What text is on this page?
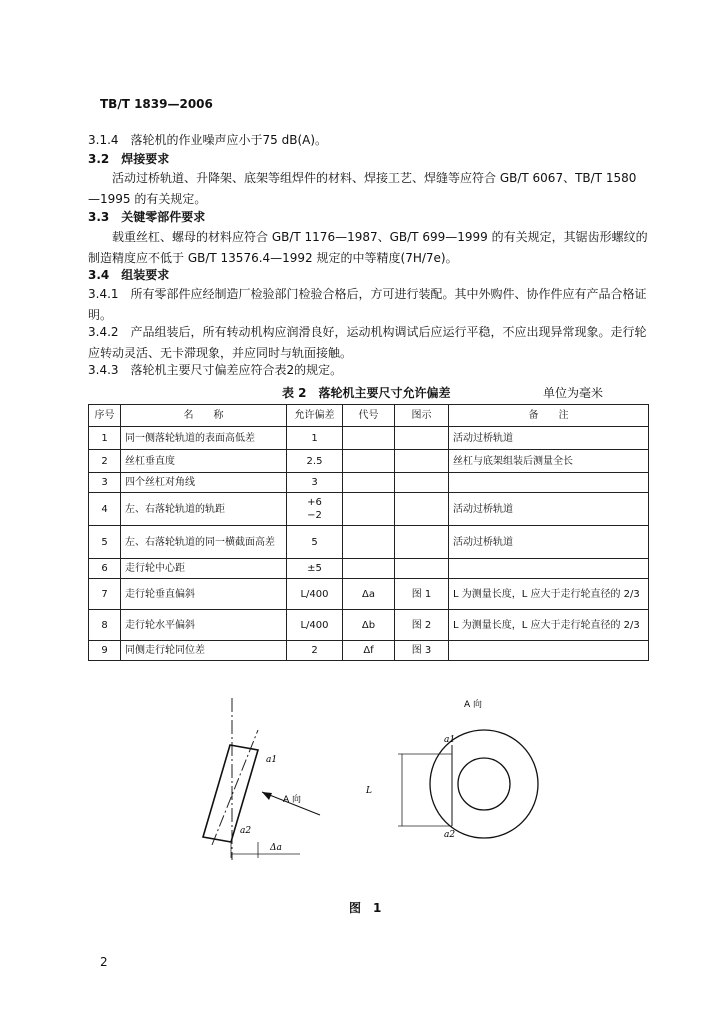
TB/T 1839—2006
3.1.4　落轮机的作业噪声应小于75 dB(A)。
3.2　焊接要求
　　活动过桥轨道、升降架、底架等组焊件的材料、焊接工艺、焊缝等应符合 GB/T 6067、TB/T 1580—1995 的有关规定。
3.3　关键零部件要求
　　载重丝杠、螺母的材料应符合 GB/T 1176—1987、GB/T 699—1999 的有关规定，其锯齿形螺纹的制造精度应不低于 GB/T 13576.4—1992 规定的中等精度(7H/7e)。
3.4　组装要求
3.4.1　所有零部件应经制造厂检验部门检验合格后，方可进行装配。其中外购件、协作件应有产品合格证明。
3.4.2　产品组装后，所有转动机构应润滑良好，运动机构调试后应运行平稳，不应出现异常现象。走行轮应转动灵活、无卡滞现象，并应同时与轨面接触。
3.4.3　落轮机主要尺寸偏差应符合表2的规定。
表 2　落轮机主要尺寸允许偏差	单位为毫米
序号	名　　称	允许偏差	代号	图示	备　　注
1	同一侧落轮轨道的表面高低差	1			活动过桥轨道
2	丝杠垂直度	2.5			丝杠与底架组装后测量全长
3	四个丝杠对角线	3			
4	左、右落轮轨道的轨距	+6
−2			活动过桥轨道
5	左、右落轮轨道的同一横截面高差	5			活动过桥轨道
6	走行轮中心距	±5			
7	走行轮垂直偏斜	L/400	Δa	图 1	L 为测量长度，L 应大于走行轮直径的 2/3
8	走行轮水平偏斜	L/400	Δb	图 2	L 为测量长度，L 应大于走行轮直径的 2/3
9	同侧走行轮同位差	2	Δf	图 3	
a1
a2
A 向
Δa
A 向
L
a1
a2
图　1
2
